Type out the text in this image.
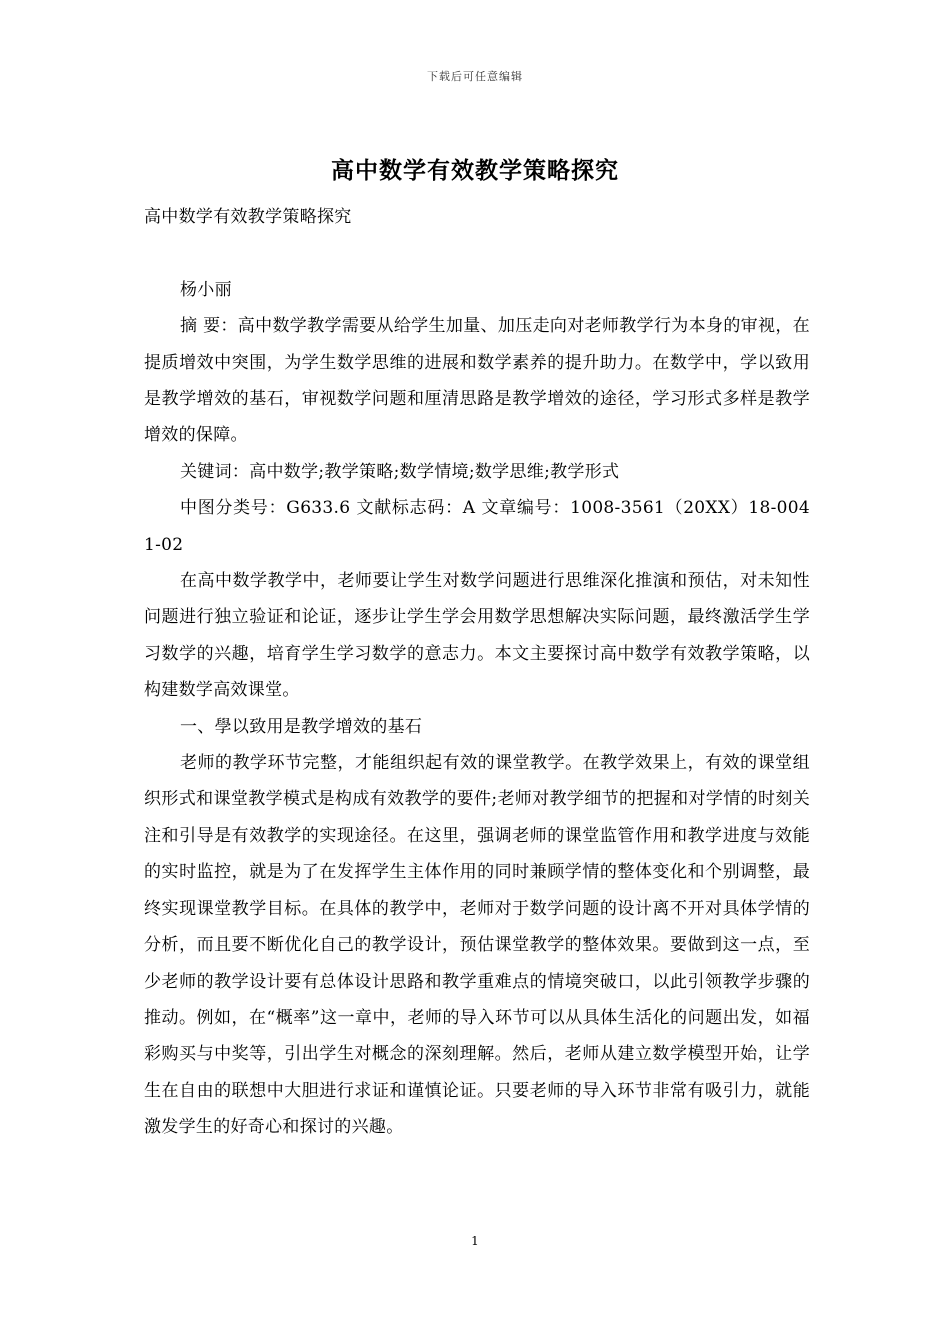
下载后可任意编辑
高中数学有效教学策略探究

高中数学有效教学策略探究

杨小丽

摘 要：高中数学教学需要从给学生加量、加压走向对老师教学行为本身的审视，在提质增效中突围，为学生数学思维的进展和数学素养的提升助力。在数学中，学以致用是教学增效的基石，审视数学问题和厘清思路是教学增效的途径，学习形式多样是教学增效的保障。

关键词：高中数学;教学策略;数学情境;数学思维;教学形式

中图分类号：G633.6 文献标志码：A 文章编号：1008-3561（20XX）18-0041-02

在高中数学教学中，老师要让学生对数学问题进行思维深化推演和预估，对未知性问题进行独立验证和论证，逐步让学生学会用数学思想解决实际问题，最终激活学生学习数学的兴趣，培育学生学习数学的意志力。本文主要探讨高中数学有效教学策略，以构建数学高效课堂。

一、學以致用是教学增效的基石

老师的教学环节完整，才能组织起有效的课堂教学。在教学效果上，有效的课堂组织形式和课堂教学模式是构成有效教学的要件;老师对教学细节的把握和对学情的时刻关注和引导是有效教学的实现途径。在这里，强调老师的课堂监管作用和教学进度与效能的实时监控，就是为了在发挥学生主体作用的同时兼顾学情的整体变化和个别调整，最终实现课堂教学目标。在具体的教学中，老师对于数学问题的设计离不开对具体学情的分析，而且要不断优化自己的教学设计，预估课堂教学的整体效果。要做到这一点，至少老师的教学设计要有总体设计思路和教学重难点的情境突破口，以此引领教学步骤的推动。例如，在“概率”这一章中，老师的导入环节可以从具体生活化的问题出发，如福彩购买与中奖等，引出学生对概念的深刻理解。然后，老师从建立数学模型开始，让学生在自由的联想中大胆进行求证和谨慎论证。只要老师的导入环节非常有吸引力，就能激发学生的好奇心和探讨的兴趣。

1
